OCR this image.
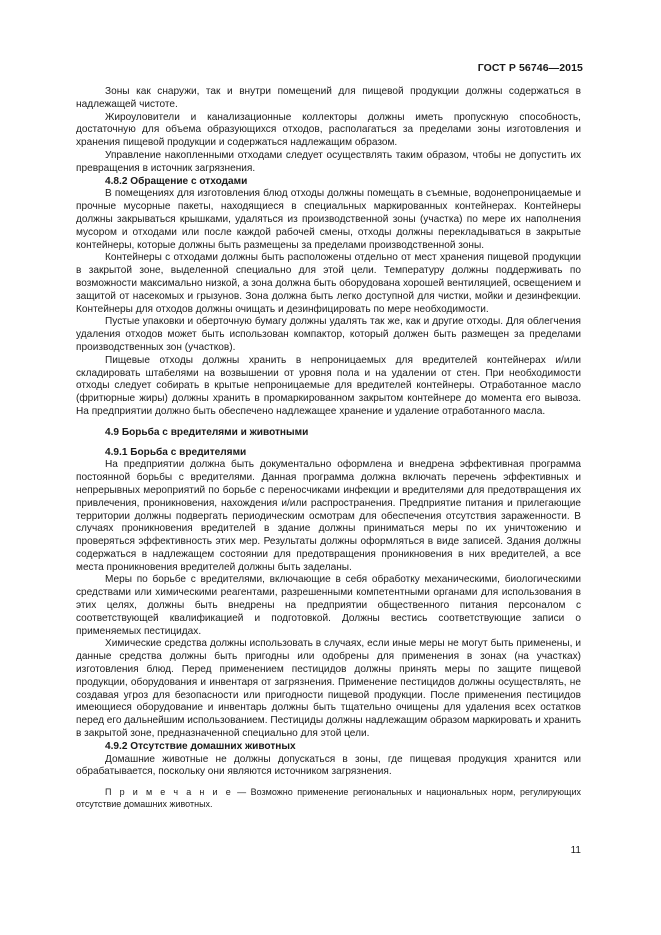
ГОСТ Р 56746—2015

Зоны как снаружи, так и внутри помещений для пищевой продукции должны содержаться в надлежащей чистоте.

Жироуловители и канализационные коллекторы должны иметь пропускную способность, достаточную для объема образующихся отходов, располагаться за пределами зоны изготовления и хранения пищевой продукции и содержаться надлежащим образом.

Управление накопленными отходами следует осуществлять таким образом, чтобы не допустить их превращения в источник загрязнения.

4.8.2 Обращение с отходами

В помещениях для изготовления блюд отходы должны помещать в съемные, водонепроницаемые и прочные мусорные пакеты, находящиеся в специальных маркированных контейнерах. Контейнеры должны закрываться крышками, удаляться из производственной зоны (участка) по мере их наполнения мусором и отходами или после каждой рабочей смены, отходы должны перекладываться в закрытые контейнеры, которые должны быть размещены за пределами производственной зоны.

Контейнеры с отходами должны быть расположены отдельно от мест хранения пищевой продукции в закрытой зоне, выделенной специально для этой цели. Температуру должны поддерживать по возможности максимально низкой, а зона должна быть оборудована хорошей вентиляцией, освещением и защитой от насекомых и грызунов. Зона должна быть легко доступной для чистки, мойки и дезинфекции. Контейнеры для отходов должны очищать и дезинфицировать по мере необходимости.

Пустые упаковки и оберточную бумагу должны удалять так же, как и другие отходы. Для облегчения удаления отходов может быть использован компактор, который должен быть размещен за пределами производственных зон (участков).

Пищевые отходы должны хранить в непроницаемых для вредителей контейнерах и/или складировать штабелями на возвышении от уровня пола и на удалении от стен. При необходимости отходы следует собирать в крытые непроницаемые для вредителей контейнеры. Отработанное масло (фритюрные жиры) должны хранить в промаркированном закрытом контейнере до момента его вывоза. На предприятии должно быть обеспечено надлежащее хранение и удаление отработанного масла.

4.9 Борьба с вредителями и животными

4.9.1 Борьба с вредителями

На предприятии должна быть документально оформлена и внедрена эффективная программа постоянной борьбы с вредителями. Данная программа должна включать перечень эффективных и непрерывных мероприятий по борьбе с переносчиками инфекции и вредителями для предотвращения их привлечения, проникновения, нахождения и/или распространения. Предприятие питания и прилегающие территории должны подвергать периодическим осмотрам для обеспечения отсутствия зараженности. В случаях проникновения вредителей в здание должны приниматься меры по их уничтожению и проверяться эффективность этих мер. Результаты должны оформляться в виде записей. Здания должны содержаться в надлежащем состоянии для предотвращения проникновения в них вредителей, а все места проникновения вредителей должны быть заделаны.

Меры по борьбе с вредителями, включающие в себя обработку механическими, биологическими средствами или химическими реагентами, разрешенными компетентными органами для использования в этих целях, должны быть внедрены на предприятии общественного питания персоналом с соответствующей квалификацией и подготовкой. Должны вестись соответствующие записи о применяемых пестицидах.

Химические средства должны использовать в случаях, если иные меры не могут быть применены, и данные средства должны быть пригодны или одобрены для применения в зонах (на участках) изготовления блюд. Перед применением пестицидов должны принять меры по защите пищевой продукции, оборудования и инвентаря от загрязнения. Применение пестицидов должны осуществлять, не создавая угроз для безопасности или пригодности пищевой продукции. После применения пестицидов имеющиеся оборудование и инвентарь должны быть тщательно очищены для удаления всех остатков перед его дальнейшим использованием. Пестициды должны надлежащим образом маркировать и хранить в закрытой зоне, предназначенной специально для этой цели.

4.9.2 Отсутствие домашних животных

Домашние животные не должны допускаться в зоны, где пищевая продукция хранится или обрабатывается, поскольку они являются источником загрязнения.

П р и м е ч а н и е — Возможно применение региональных и национальных норм, регулирующих отсутствие домашних животных.

11
